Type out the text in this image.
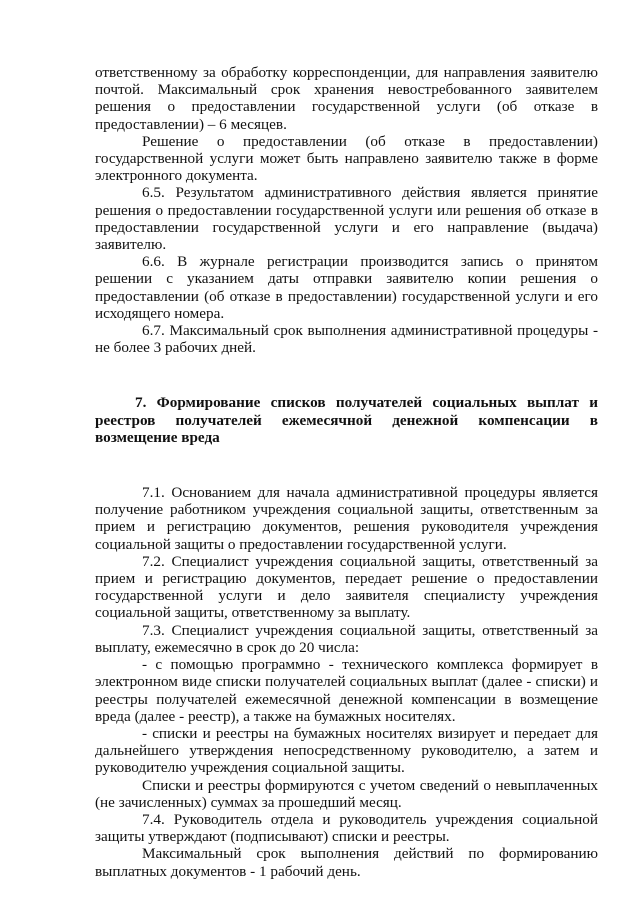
ответственному за обработку корреспонденции, для направления заявителю почтой. Максимальный срок хранения невостребованного заявителем решения о предоставлении государственной услуги (об отказе в предоставлении) – 6 месяцев.

Решение о предоставлении (об отказе в предоставлении) государственной услуги может быть направлено заявителю также в форме электронного документа.

6.5. Результатом административного действия является принятие решения о предоставлении государственной услуги или решения об отказе в предоставлении государственной услуги и его направление (выдача) заявителю.

6.6. В журнале регистрации производится запись о принятом решении с указанием даты отправки заявителю копии решения о предоставлении (об отказе в предоставлении) государственной услуги и его исходящего номера.

6.7. Максимальный срок выполнения административной процедуры - не более 3 рабочих дней.

7. Формирование списков получателей социальных выплат и реестров получателей ежемесячной денежной компенсации в возмещение вреда

7.1. Основанием для начала административной процедуры является получение работником учреждения социальной защиты, ответственным за прием и регистрацию документов, решения руководителя учреждения социальной защиты о предоставлении государственной услуги.

7.2. Специалист учреждения социальной защиты, ответственный за прием и регистрацию документов, передает решение о предоставлении государственной услуги и дело заявителя специалисту учреждения социальной защиты, ответственному за выплату.

7.3. Специалист учреждения социальной защиты, ответственный за выплату, ежемесячно в срок до 20 числа:

- с помощью программно - технического комплекса формирует в электронном виде списки получателей социальных выплат (далее - списки) и реестры получателей ежемесячной денежной компенсации в возмещение вреда (далее - реестр), а также на бумажных носителях.

- списки и реестры на бумажных носителях визирует и передает для дальнейшего утверждения непосредственному руководителю, а затем и руководителю учреждения социальной защиты.

Списки и реестры формируются с учетом сведений о невыплаченных (не зачисленных) суммах за прошедший месяц.

7.4. Руководитель отдела и руководитель учреждения социальной защиты утверждают (подписывают) списки и реестры.

Максимальный срок выполнения действий по формированию выплатных документов - 1 рабочий день.
